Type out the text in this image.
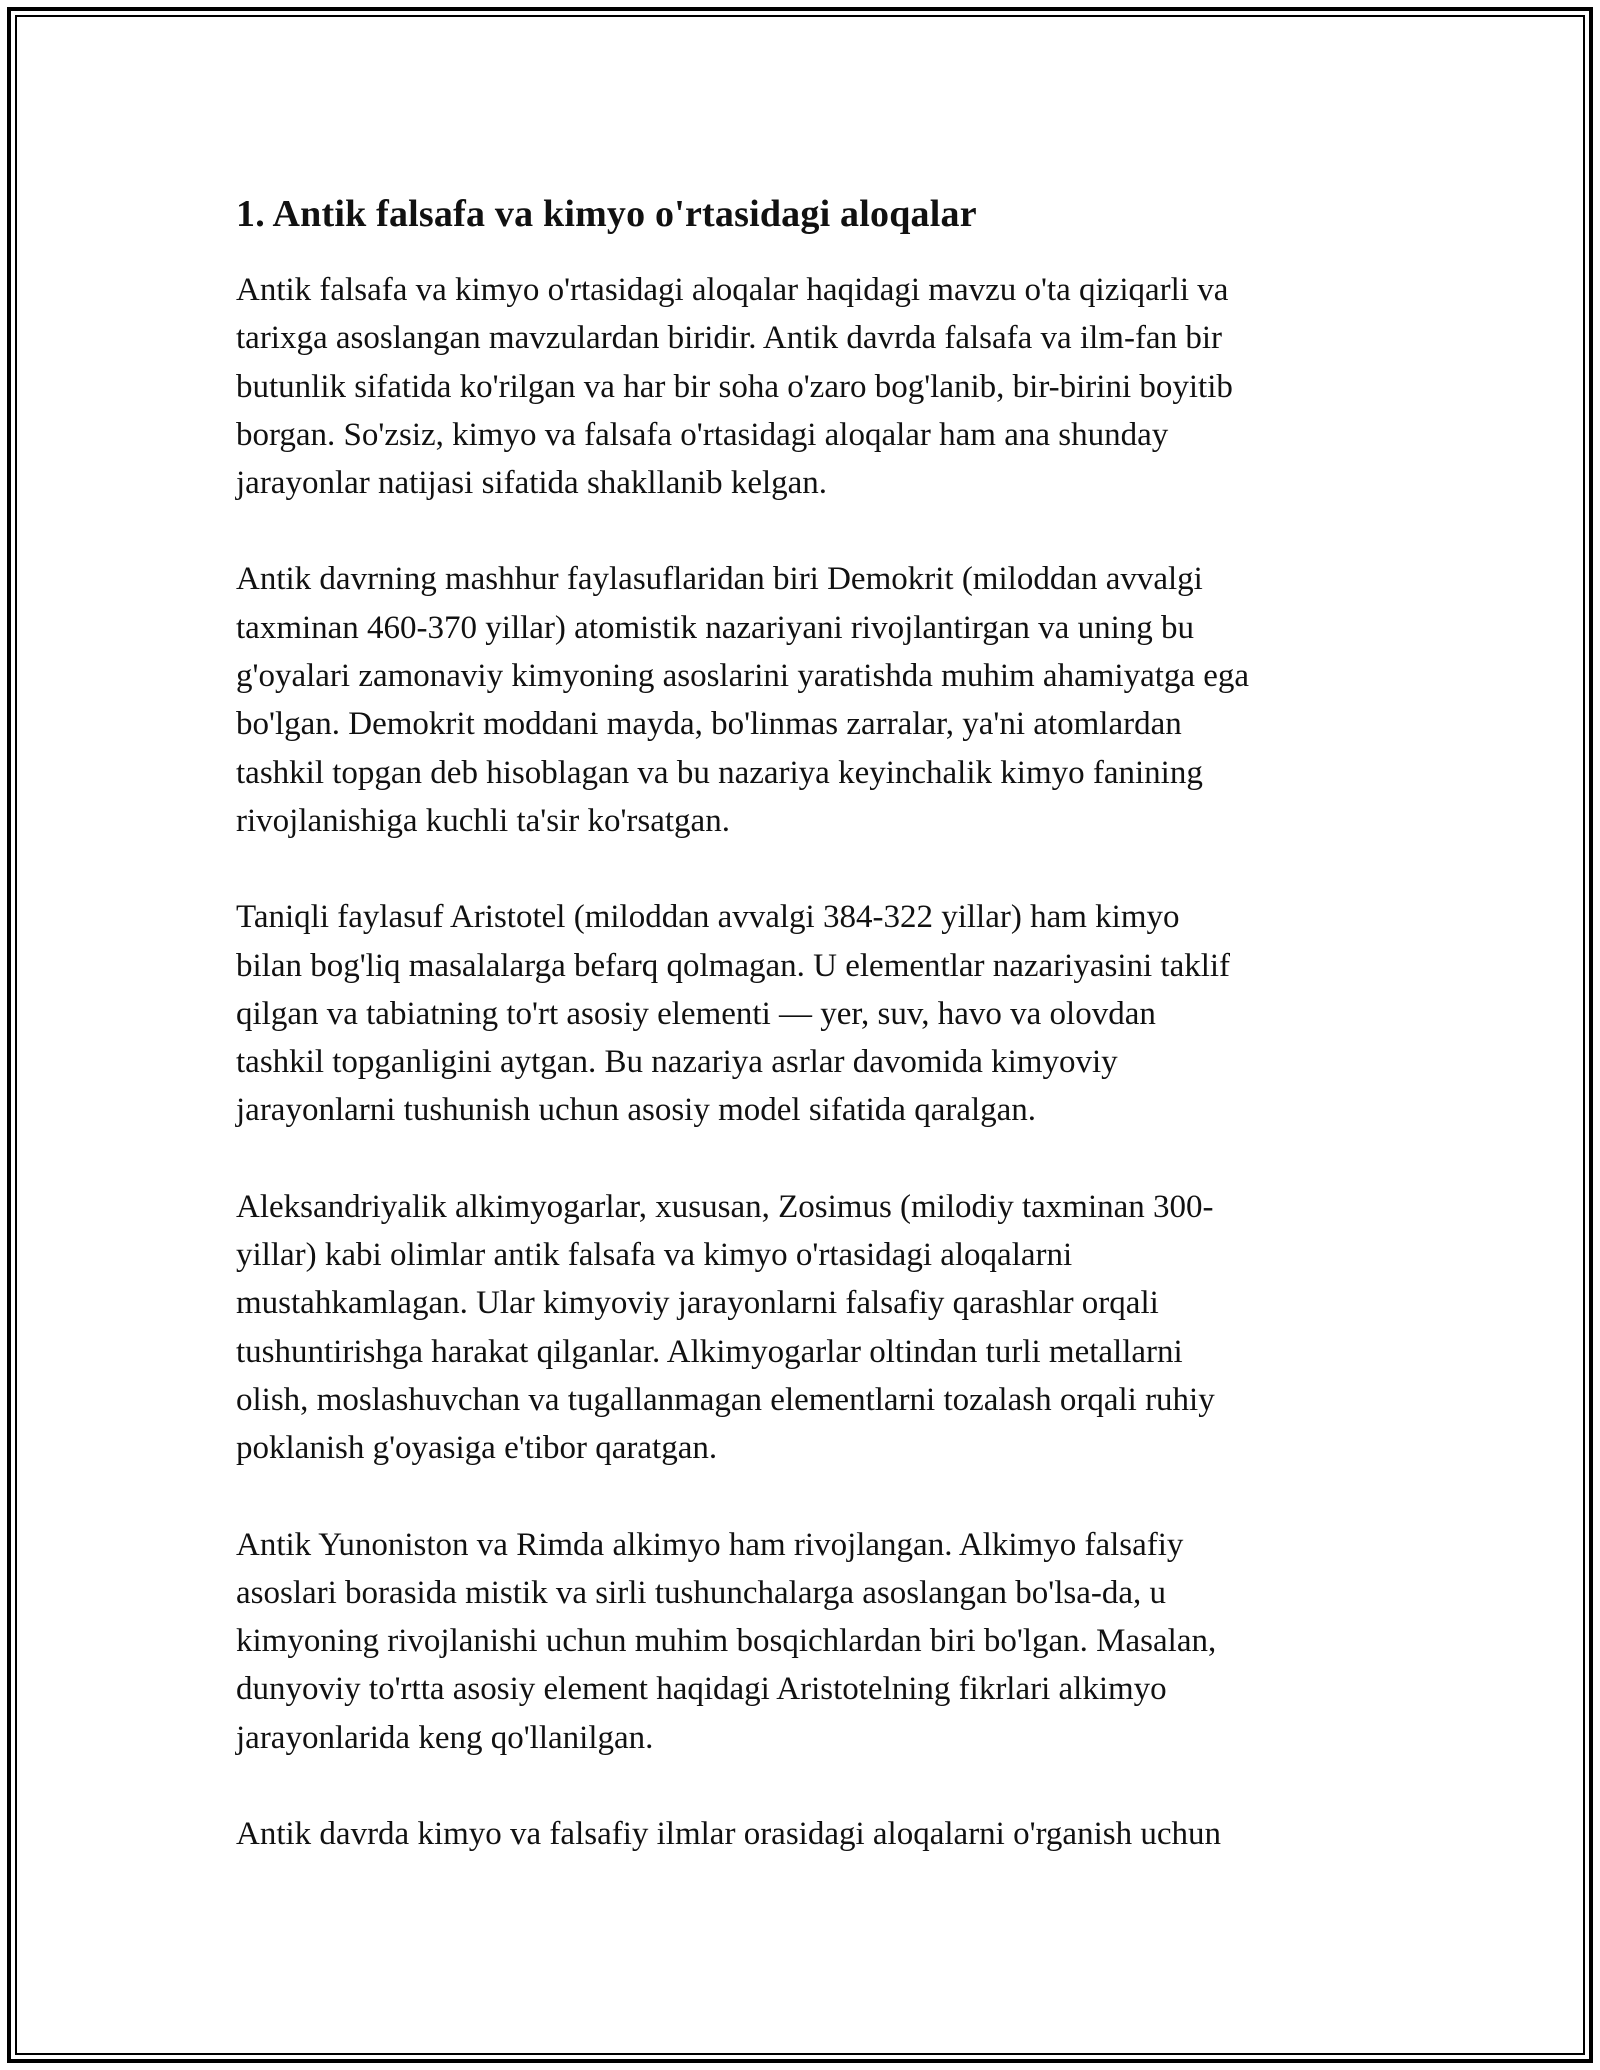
1. Antik falsafa va kimyo o'rtasidagi aloqalar

Antik falsafa va kimyo o'rtasidagi aloqalar haqidagi mavzu o'ta qiziqarli va
tarixga asoslangan mavzulardan biridir. Antik davrda falsafa va ilm-fan bir
butunlik sifatida ko'rilgan va har bir soha o'zaro bog'lanib, bir-birini boyitib
borgan. So'zsiz, kimyo va falsafa o'rtasidagi aloqalar ham ana shunday
jarayonlar natijasi sifatida shakllanib kelgan.

Antik davrning mashhur faylasuflaridan biri Demokrit (miloddan avvalgi
taxminan 460-370 yillar) atomistik nazariyani rivojlantirgan va uning bu
g'oyalari zamonaviy kimyoning asoslarini yaratishda muhim ahamiyatga ega
bo'lgan. Demokrit moddani mayda, bo'linmas zarralar, ya'ni atomlardan
tashkil topgan deb hisoblagan va bu nazariya keyinchalik kimyo fanining
rivojlanishiga kuchli ta'sir ko'rsatgan.

Taniqli faylasuf Aristotel (miloddan avvalgi 384-322 yillar) ham kimyo
bilan bog'liq masalalarga befarq qolmagan. U elementlar nazariyasini taklif
qilgan va tabiatning to'rt asosiy elementi — yer, suv, havo va olovdan
tashkil topganligini aytgan. Bu nazariya asrlar davomida kimyoviy
jarayonlarni tushunish uchun asosiy model sifatida qaralgan.

Aleksandriyalik alkimyogarlar, xususan, Zosimus (milodiy taxminan 300-
yillar) kabi olimlar antik falsafa va kimyo o'rtasidagi aloqalarni
mustahkamlagan. Ular kimyoviy jarayonlarni falsafiy qarashlar orqali
tushuntirishga harakat qilganlar. Alkimyogarlar oltindan turli metallarni
olish, moslashuvchan va tugallanmagan elementlarni tozalash orqali ruhiy
poklanish g'oyasiga e'tibor qaratgan.

Antik Yunoniston va Rimda alkimyo ham rivojlangan. Alkimyo falsafiy
asoslari borasida mistik va sirli tushunchalarga asoslangan bo'lsa-da, u
kimyoning rivojlanishi uchun muhim bosqichlardan biri bo'lgan. Masalan,
dunyoviy to'rtta asosiy element haqidagi Aristotelning fikrlari alkimyo
jarayonlarida keng qo'llanilgan.

Antik davrda kimyo va falsafiy ilmlar orasidagi aloqalarni o'rganish uchun
